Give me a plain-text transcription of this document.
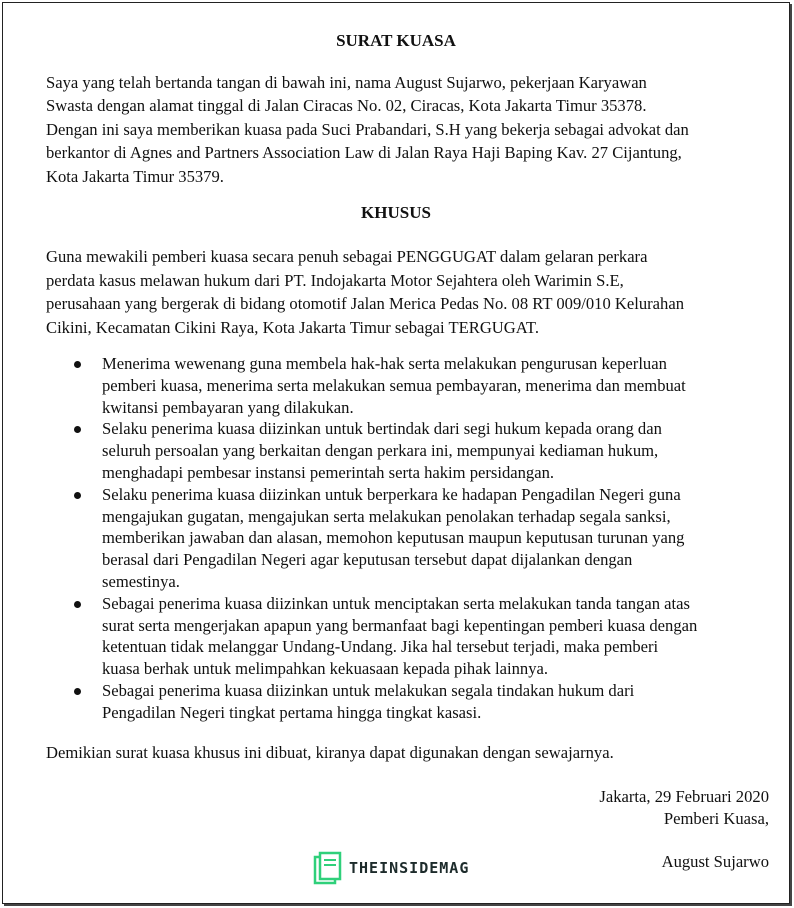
SURAT KUASA
Saya yang telah bertanda tangan di bawah ini, nama August Sujarwo, pekerjaan Karyawan
Swasta dengan alamat tinggal di Jalan Ciracas No. 02, Ciracas, Kota Jakarta Timur 35378.
Dengan ini saya memberikan kuasa pada Suci Prabandari, S.H yang bekerja sebagai advokat dan
berkantor di Agnes and Partners Association Law di Jalan Raya Haji Baping Kav. 27 Cijantung,
Kota Jakarta Timur 35379.
KHUSUS
Guna mewakili pemberi kuasa secara penuh sebagai PENGGUGAT dalam gelaran perkara
perdata kasus melawan hukum dari PT. Indojakarta Motor Sejahtera oleh Warimin S.E,
perusahaan yang bergerak di bidang otomotif Jalan Merica Pedas No. 08 RT 009/010 Kelurahan
Cikini, Kecamatan Cikini Raya, Kota Jakarta Timur sebagai TERGUGAT.
Menerima wewenang guna membela hak-hak serta melakukan pengurusan keperluan
pemberi kuasa, menerima serta melakukan semua pembayaran, menerima dan membuat
kwitansi pembayaran yang dilakukan.
Selaku penerima kuasa diizinkan untuk bertindak dari segi hukum kepada orang dan
seluruh persoalan yang berkaitan dengan perkara ini, mempunyai kediaman hukum,
menghadapi pembesar instansi pemerintah serta hakim persidangan.
Selaku penerima kuasa diizinkan untuk berperkara ke hadapan Pengadilan Negeri guna
mengajukan gugatan, mengajukan serta melakukan penolakan terhadap segala sanksi,
memberikan jawaban dan alasan, memohon keputusan maupun keputusan turunan yang
berasal dari Pengadilan Negeri agar keputusan tersebut dapat dijalankan dengan
semestinya.
Sebagai penerima kuasa diizinkan untuk menciptakan serta melakukan tanda tangan atas
surat serta mengerjakan apapun yang bermanfaat bagi kepentingan pemberi kuasa dengan
ketentuan tidak melanggar Undang-Undang. Jika hal tersebut terjadi, maka pemberi
kuasa berhak untuk melimpahkan kekuasaan kepada pihak lainnya.
Sebagai penerima kuasa diizinkan untuk melakukan segala tindakan hukum dari
Pengadilan Negeri tingkat pertama hingga tingkat kasasi.
Demikian surat kuasa khusus ini dibuat, kiranya dapat digunakan dengan sewajarnya.
Jakarta, 29 Februari 2020
Pemberi Kuasa,
August Sujarwo
THEINSIDEMAG
